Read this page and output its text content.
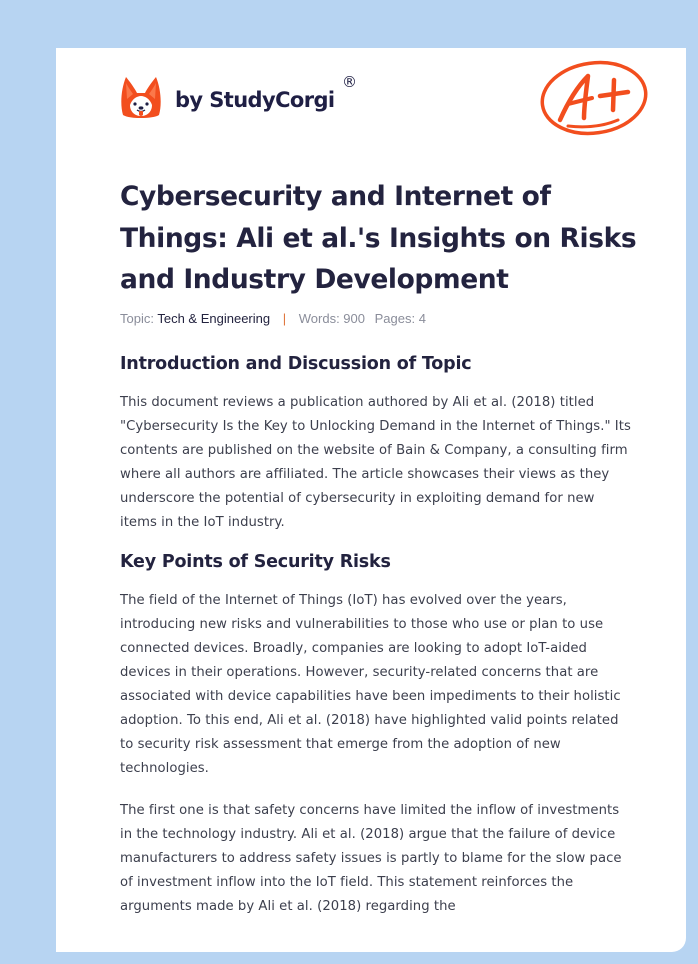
by StudyCorgi
®
Cybersecurity and Internet of Things: Ali et al.'s Insights on Risks and Industry Development
Topic: Tech & Engineering | Words: 900 Pages: 4
Introduction and Discussion of Topic

This document reviews a publication authored by Ali et al. (2018) titled "Cybersecurity Is the Key to Unlocking Demand in the Internet of Things." Its contents are published on the website of Bain & Company, a consulting firm where all authors are affiliated. The article showcases their views as they underscore the potential of cybersecurity in exploiting demand for new items in the IoT industry.

Key Points of Security Risks

The field of the Internet of Things (IoT) has evolved over the years, introducing new risks and vulnerabilities to those who use or plan to use connected devices. Broadly, companies are looking to adopt IoT-aided devices in their operations. However, security-related concerns that are associated with device capabilities have been impediments to their holistic adoption. To this end, Ali et al. (2018) have highlighted valid points related to security risk assessment that emerge from the adoption of new technologies.

The first one is that safety concerns have limited the inflow of investments in the technology industry. Ali et al. (2018) argue that the failure of device manufacturers to address safety issues is partly to blame for the slow pace of investment inflow into the IoT field. This statement reinforces the arguments made by Ali et al. (2018) regarding the
